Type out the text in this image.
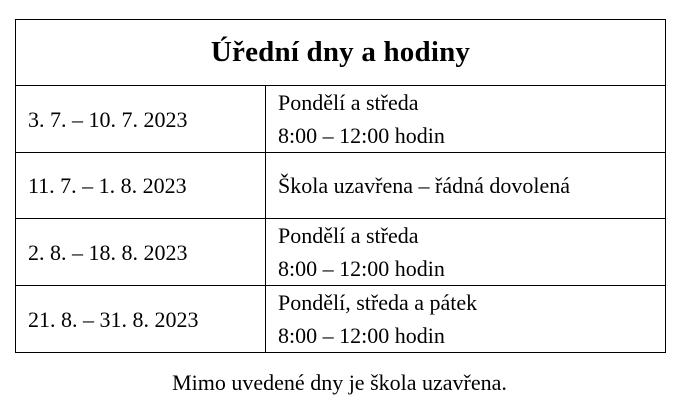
Úřední dny a hodiny	
3. 7. – 10. 7. 2023	Pondělí a středa
8:00 – 12:00 hodin

11. 7. – 1. 8. 2023	Škola uzavřena – řádná dovolená

2. 8. – 18. 8. 2023	Pondělí a středa
8:00 – 12:00 hodin

21. 8. – 31. 8. 2023	Pondělí, středa a pátek
8:00 – 12:00 hodin
Mimo uvedené dny je škola uzavřena.
